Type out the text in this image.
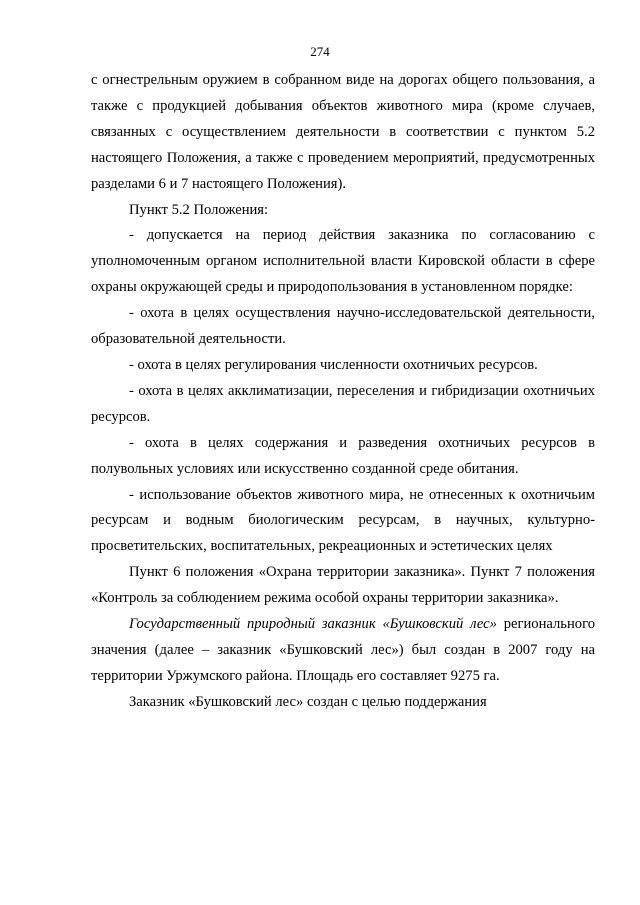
274

с огнестрельным оружием в собранном виде на дорогах общего пользования, а также с продукцией добывания объектов животного мира (кроме случаев, связанных с осуществлением деятельности в соответствии с пунктом 5.2 настоящего Положения, а также с проведением мероприятий, предусмотренных разделами 6 и 7 настоящего Положения).

Пункт 5.2 Положения:

- допускается на период действия заказника по согласованию с уполномоченным органом исполнительной власти Кировской области в сфере охраны окружающей среды и природопользования в установленном порядке:

- охота в целях осуществления научно-исследовательской деятельности, образовательной деятельности.

- охота в целях регулирования численности охотничьих ресурсов.

- охота в целях акклиматизации, переселения и гибридизации охотничьих ресурсов.

- охота в целях содержания и разведения охотничьих ресурсов в полувольных условиях или искусственно созданной среде обитания.

- использование объектов животного мира, не отнесенных к охотничьим ресурсам и водным биологическим ресурсам, в научных, культурно-просветительских, воспитательных, рекреационных и эстетических целях

Пункт 6 положения «Охрана территории заказника». Пункт 7 положения «Контроль за соблюдением режима особой охраны территории заказника».

Государственный природный заказник «Бушковский лес» регионального значения (далее – заказник «Бушковский лес») был создан в 2007 году на территории Уржумского района. Площадь его составляет 9275 га.

Заказник «Бушковский лес» создан с целью поддержания
